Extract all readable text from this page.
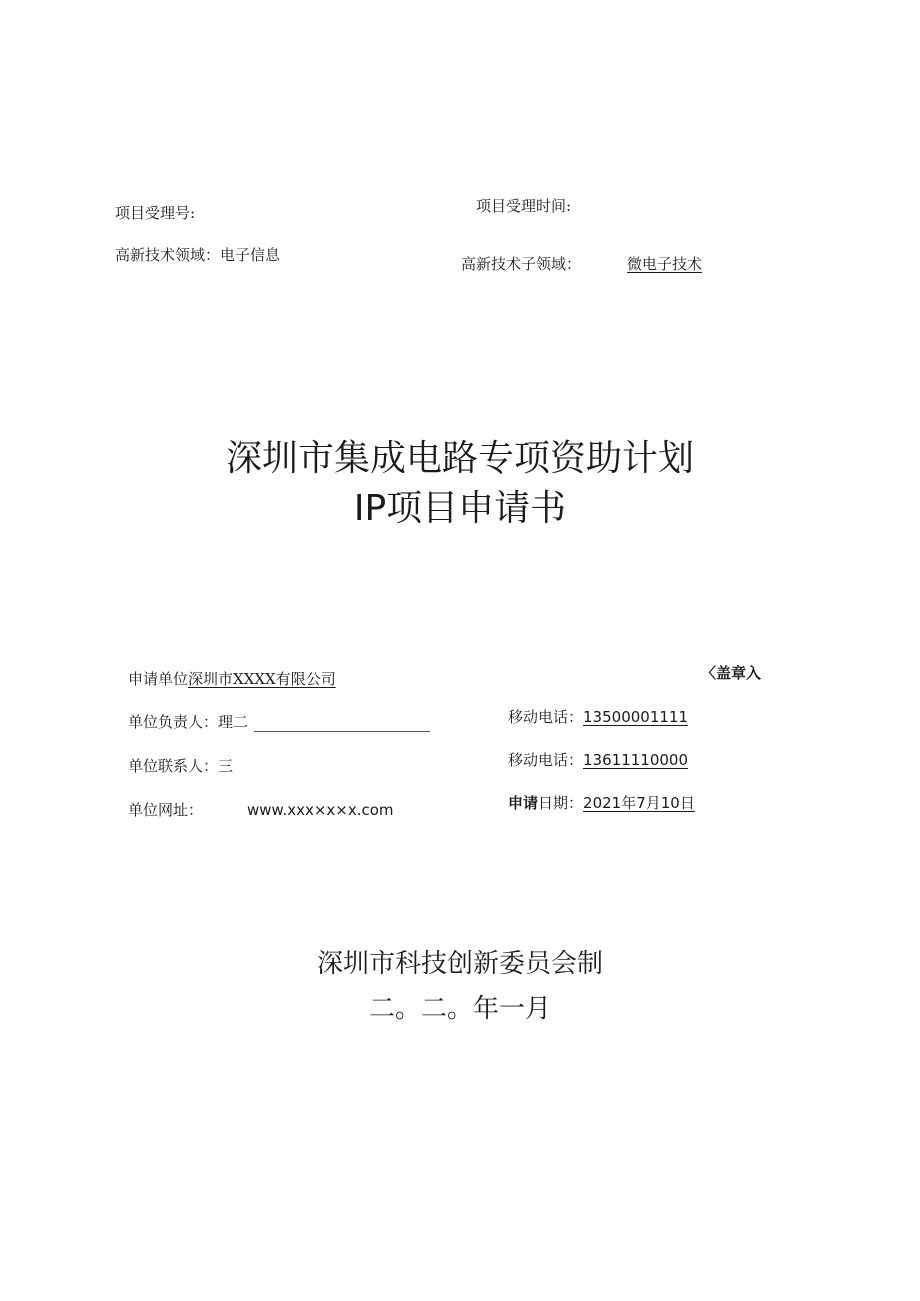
项目受理号:	项目受理时间:
高新技术领域：电子信息	高新技术子领域：	微电子技术
深圳市集成电路专项资助计划
IP项目申请书
〈盖章入
申请单位深圳市XXXX有限公司
单位负责人：理二	移动电话：13500001111
单位联系人：三	移动电话：13611110000
单位网址：	www.xxx×x×x.com	申请日期：2021年7月10日
深圳市科技创新委员会制
二。二。年一月
